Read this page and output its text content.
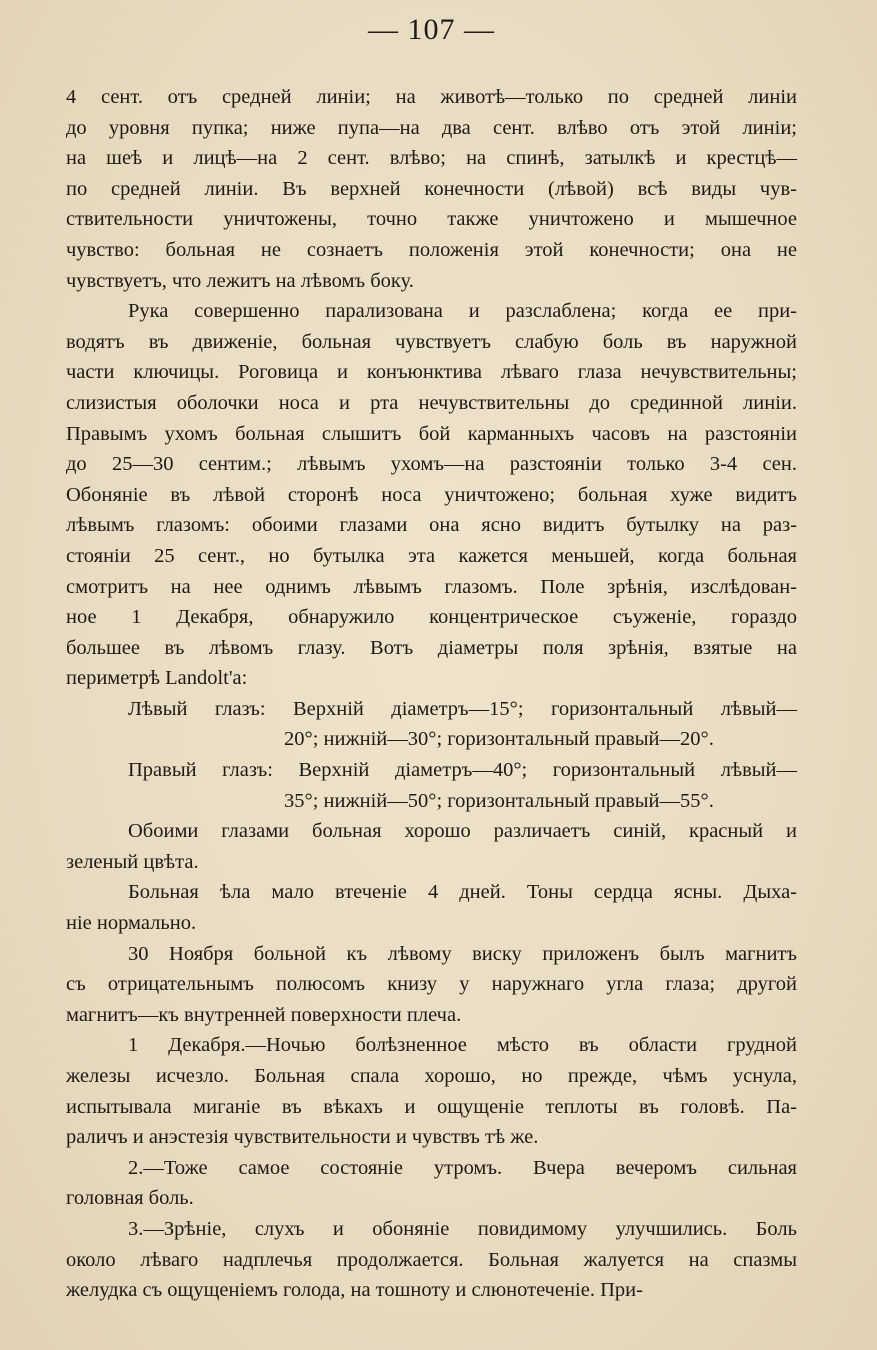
— 107 —

4 сент. отъ средней линіи; на животѣ—только по средней линіи
до уровня пупка; ниже пупа—на два сент. влѣво отъ этой линіи;
на шеѣ и лицѣ—на 2 сент. влѣво; на спинѣ, затылкѣ и крестцѣ—
по средней линіи. Въ верхней конечности (лѣвой) всѣ виды чув-
ствительности уничтожены, точно также уничтожено и мышечное
чувство: больная не сознаетъ положенія этой конечности; она не
чувствуетъ, что лежитъ на лѣвомъ боку.

Рука совершенно парализована и разслаблена; когда ее при-
водятъ въ движеніе, больная чувствуетъ слабую боль въ наружной
части ключицы. Роговица и конъюнктива лѣваго глаза нечувствительны;
слизистыя оболочки носа и рта нечувствительны до срединной линіи.
Правымъ ухомъ больная слышитъ бой карманныхъ часовъ на разстояніи
до 25—30 сентим.; лѣвымъ ухомъ—на разстояніи только 3-4 сен.
Обоняніе въ лѣвой сторонѣ носа уничтожено; больная хуже видитъ
лѣвымъ глазомъ: обоими глазами она ясно видитъ бутылку на раз-
стояніи 25 сент., но бутылка эта кажется меньшей, когда больная
смотритъ на нее однимъ лѣвымъ глазомъ. Поле зрѣнія, изслѣдован-
ное 1 Декабря, обнаружило концентрическое съуженіе, гораздо
большее въ лѣвомъ глазу. Вотъ діаметры поля зрѣнія, взятые на
периметрѣ Landolt'а:

Лѣвый глазъ: Верхній діаметръ—15°; горизонтальный лѣвый—
20°; нижній—30°; горизонтальный правый—20°.

Правый глазъ: Верхній діаметръ—40°; горизонтальный лѣвый—
35°; нижній—50°; горизонтальный правый—55°.

Обоими глазами больная хорошо различаетъ синій, красный и
зеленый цвѣта.

Больная ѣла мало втеченіе 4 дней. Тоны сердца ясны. Дыха-
ніе нормально.

30 Ноября больной къ лѣвому виску приложенъ былъ магнитъ
съ отрицательнымъ полюсомъ книзу у наружнаго угла глаза; другой
магнитъ—къ внутренней поверхности плеча.

1 Декабря.—Ночью болѣзненное мѣсто въ области грудной
железы исчезло. Больная спала хорошо, но прежде, чѣмъ уснула,
испытывала миганіе въ вѣкахъ и ощущеніе теплоты въ головѣ. Па-
раличъ и анэстезія чувствительности и чувствъ тѣ же.

2.—Тоже самое состояніе утромъ. Вчера вечеромъ сильная
головная боль.

3.—Зрѣніе, слухъ и обоняніе повидимому улучшились. Боль
около лѣваго надплечья продолжается. Больная жалуется на спазмы
желудка съ ощущеніемъ голода, на тошноту и слюнотеченіе. При-
